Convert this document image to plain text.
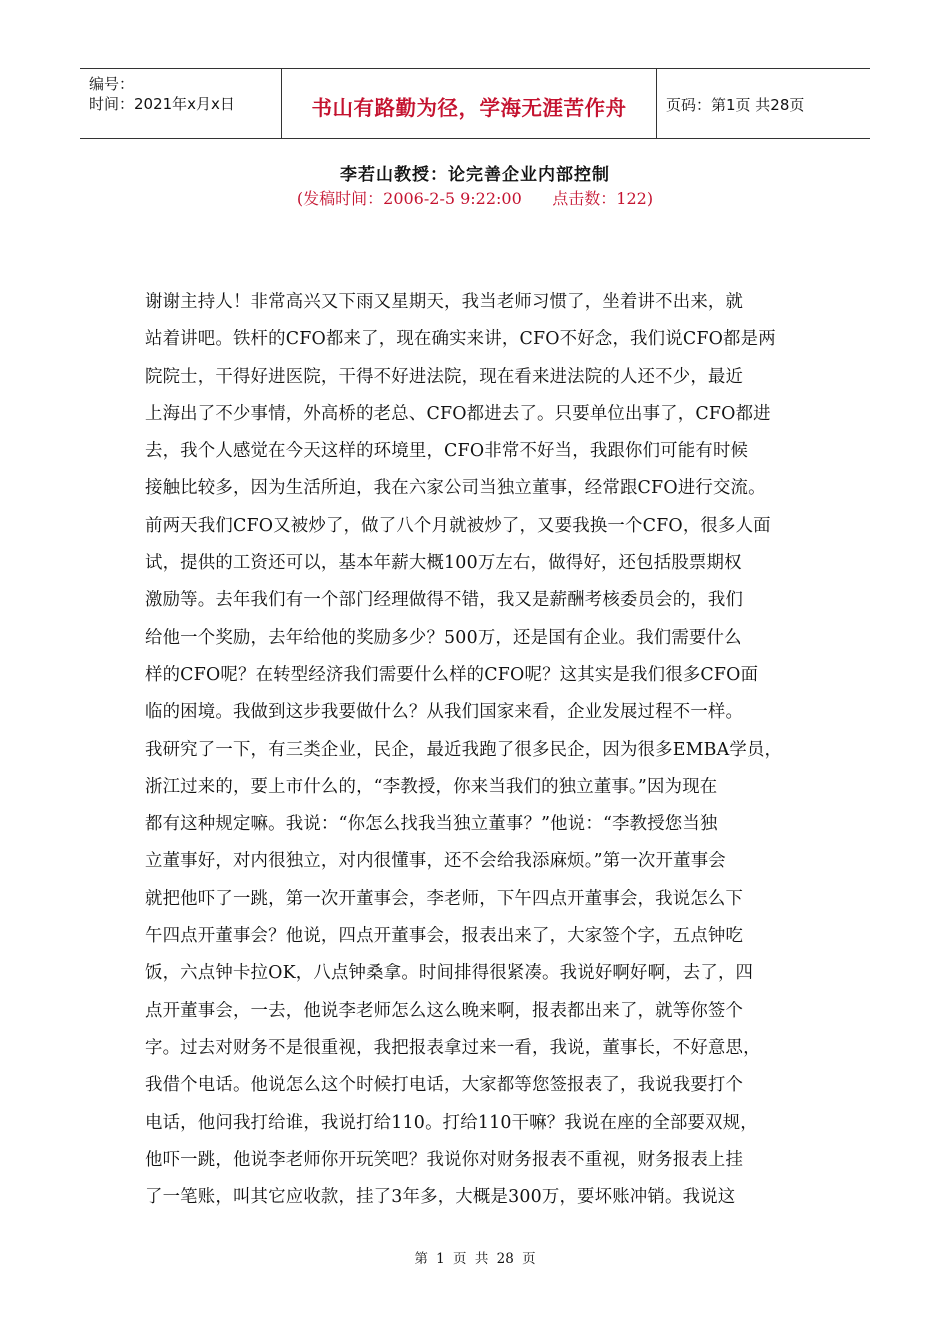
编号：
时间：2021年x月x日	书山有路勤为径，学海无涯苦作舟	页码：第1页 共28页
李若山教授：论完善企业内部控制
(发稿时间：2006-2-5 9:22:00      点击数：122)
谢谢主持人！非常高兴又下雨又星期天，我当老师习惯了，坐着讲不出来，就
站着讲吧。铁杆的CFO都来了，现在确实来讲，CFO不好念，我们说CFO都是两
院院士，干得好进医院，干得不好进法院，现在看来进法院的人还不少，最近
上海出了不少事情，外高桥的老总、CFO都进去了。只要单位出事了，CFO都进
去，我个人感觉在今天这样的环境里，CFO非常不好当，我跟你们可能有时候
接触比较多，因为生活所迫，我在六家公司当独立董事，经常跟CFO进行交流。
前两天我们CFO又被炒了，做了八个月就被炒了，又要我换一个CFO，很多人面
试，提供的工资还可以，基本年薪大概100万左右，做得好，还包括股票期权
激励等。去年我们有一个部门经理做得不错，我又是薪酬考核委员会的，我们
给他一个奖励，去年给他的奖励多少？500万，还是国有企业。我们需要什么
样的CFO呢？在转型经济我们需要什么样的CFO呢？这其实是我们很多CFO面
临的困境。我做到这步我要做什么？从我们国家来看，企业发展过程不一样。
我研究了一下，有三类企业，民企，最近我跑了很多民企，因为很多EMBA学员，
浙江过来的，要上市什么的，“李教授，你来当我们的独立董事。”因为现在
都有这种规定嘛。我说：“你怎么找我当独立董事？”他说：“李教授您当独
立董事好，对内很独立，对内很懂事，还不会给我添麻烦。”第一次开董事会
就把他吓了一跳，第一次开董事会，李老师，下午四点开董事会，我说怎么下
午四点开董事会？他说，四点开董事会，报表出来了，大家签个字，五点钟吃
饭，六点钟卡拉OK，八点钟桑拿。时间排得很紧凑。我说好啊好啊，去了，四
点开董事会，一去，他说李老师怎么这么晚来啊，报表都出来了，就等你签个
字。过去对财务不是很重视，我把报表拿过来一看，我说，董事长，不好意思，
我借个电话。他说怎么这个时候打电话，大家都等您签报表了，我说我要打个
电话，他问我打给谁，我说打给110。打给110干嘛？我说在座的全部要双规，
他吓一跳，他说李老师你开玩笑吧？我说你对财务报表不重视，财务报表上挂
了一笔账，叫其它应收款，挂了3年多，大概是300万，要坏账冲销。我说这
第 1 页 共 28 页
